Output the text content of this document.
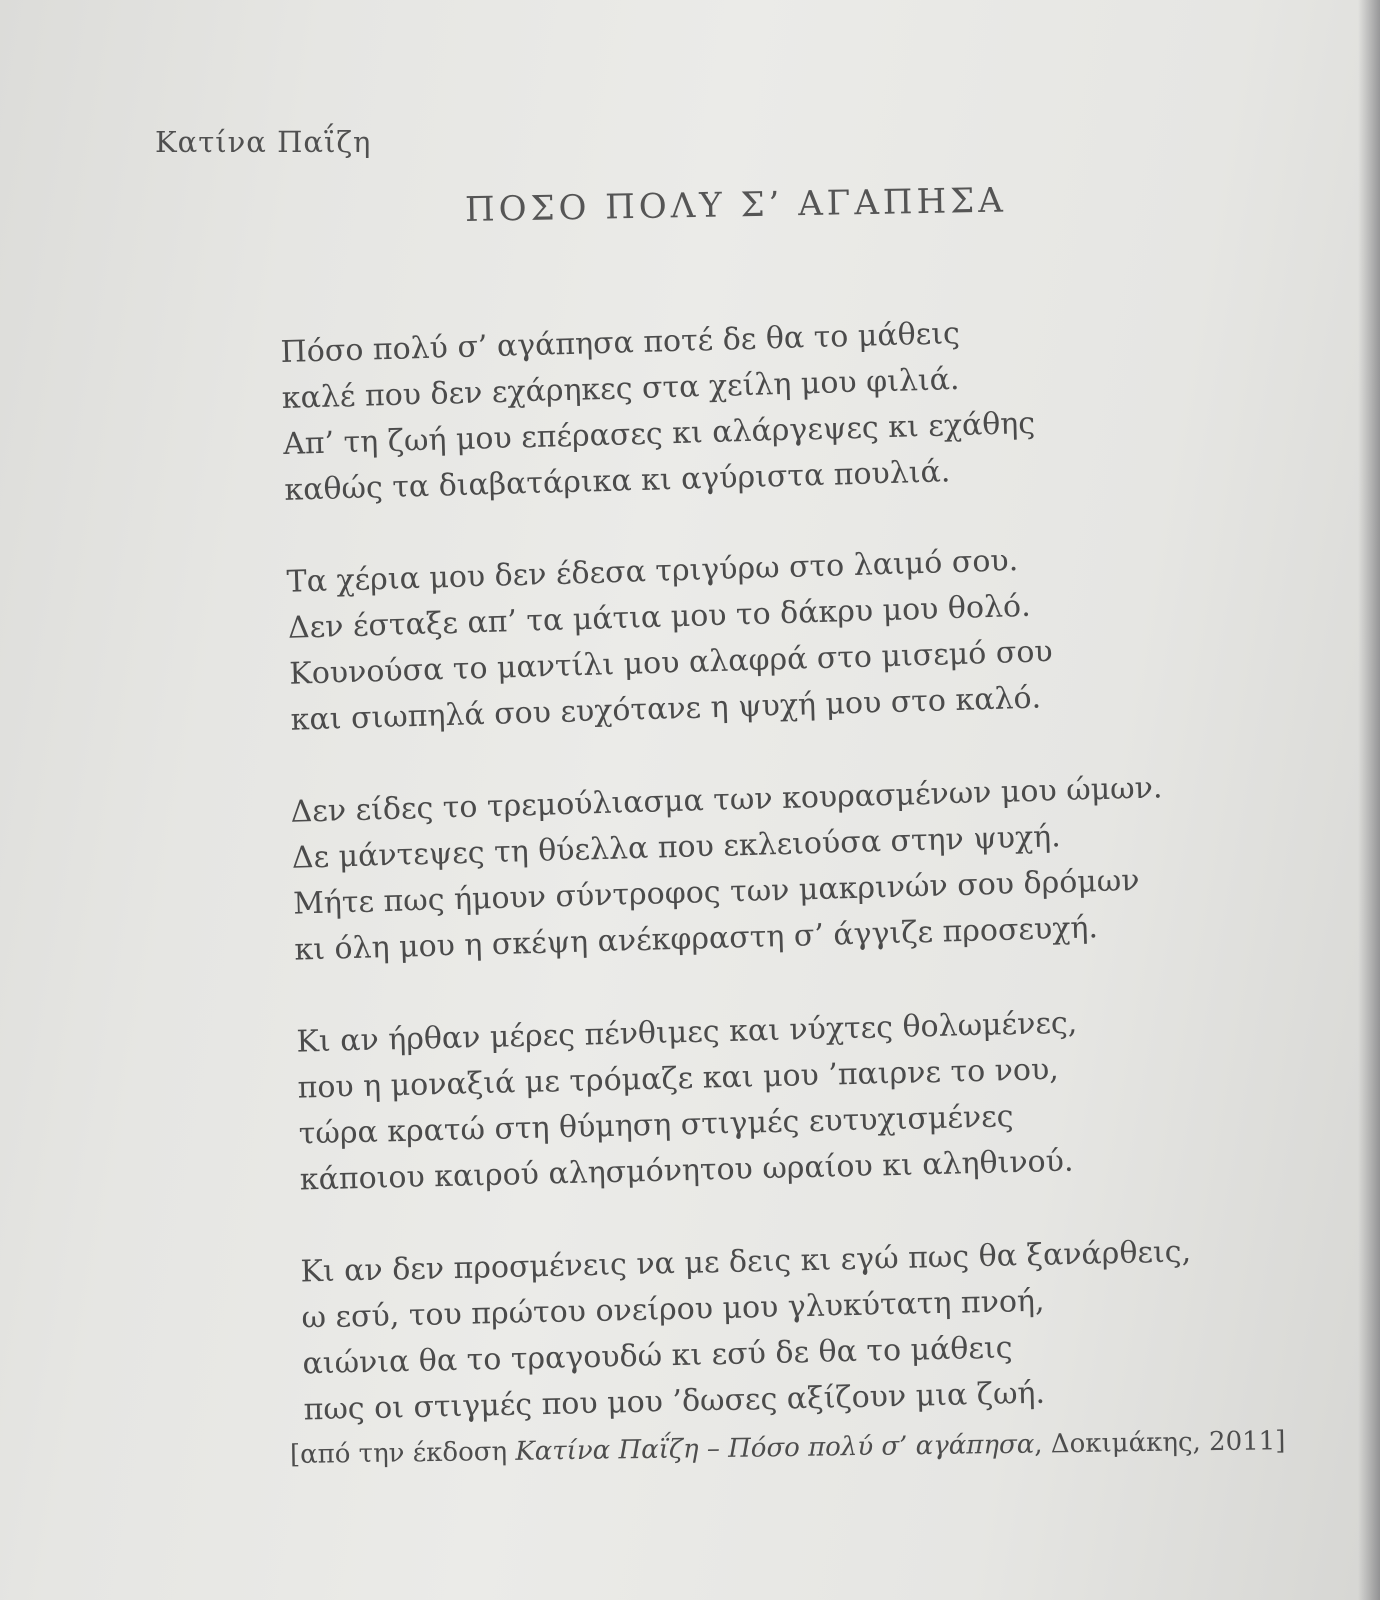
Κατίνα Παΐζη
ΠΟΣΟ ΠΟΛΥ Σ’ ΑΓΑΠΗΣΑ
Πόσο πολύ σ’ αγάπησα ποτέ δε θα το μάθεις
καλέ που δεν εχάρηκες στα χείλη μου φιλιά.
Απ’ τη ζωή μου επέρασες κι αλάργεψες κι εχάθης
καθώς τα διαβατάρικα κι αγύριστα πουλιά.
Τα χέρια μου δεν έδεσα τριγύρω στο λαιμό σου.
Δεν έσταξε απ’ τα μάτια μου το δάκρυ μου θολό.
Κουνούσα το μαντίλι μου αλαφρά στο μισεμό σου
και σιωπηλά σου ευχότανε η ψυχή μου στο καλό.
Δεν είδες το τρεμούλιασμα των κουρασμένων μου ώμων.
Δε μάντεψες τη θύελλα που εκλειούσα στην ψυχή.
Μήτε πως ήμουν σύντροφος των μακρινών σου δρόμων
κι όλη μου η σκέψη ανέκφραστη σ’ άγγιζε προσευχή.
Κι αν ήρθαν μέρες πένθιμες και νύχτες θολωμένες,
που η μοναξιά με τρόμαζε και μου ’παιρνε το νου,
τώρα κρατώ στη θύμηση στιγμές ευτυχισμένες
κάποιου καιρού αλησμόνητου ωραίου κι αληθινού.
Κι αν δεν προσμένεις να με δεις κι εγώ πως θα ξανάρθεις,
ω εσύ, του πρώτου ονείρου μου γλυκύτατη πνοή,
αιώνια θα το τραγουδώ κι εσύ δε θα το μάθεις
πως οι στιγμές που μου ’δωσες αξίζουν μια ζωή.
[από την έκδοση Κατίνα Παΐζη – Πόσο πολύ σ’ αγάπησα, Δοκιμάκης, 2011]
